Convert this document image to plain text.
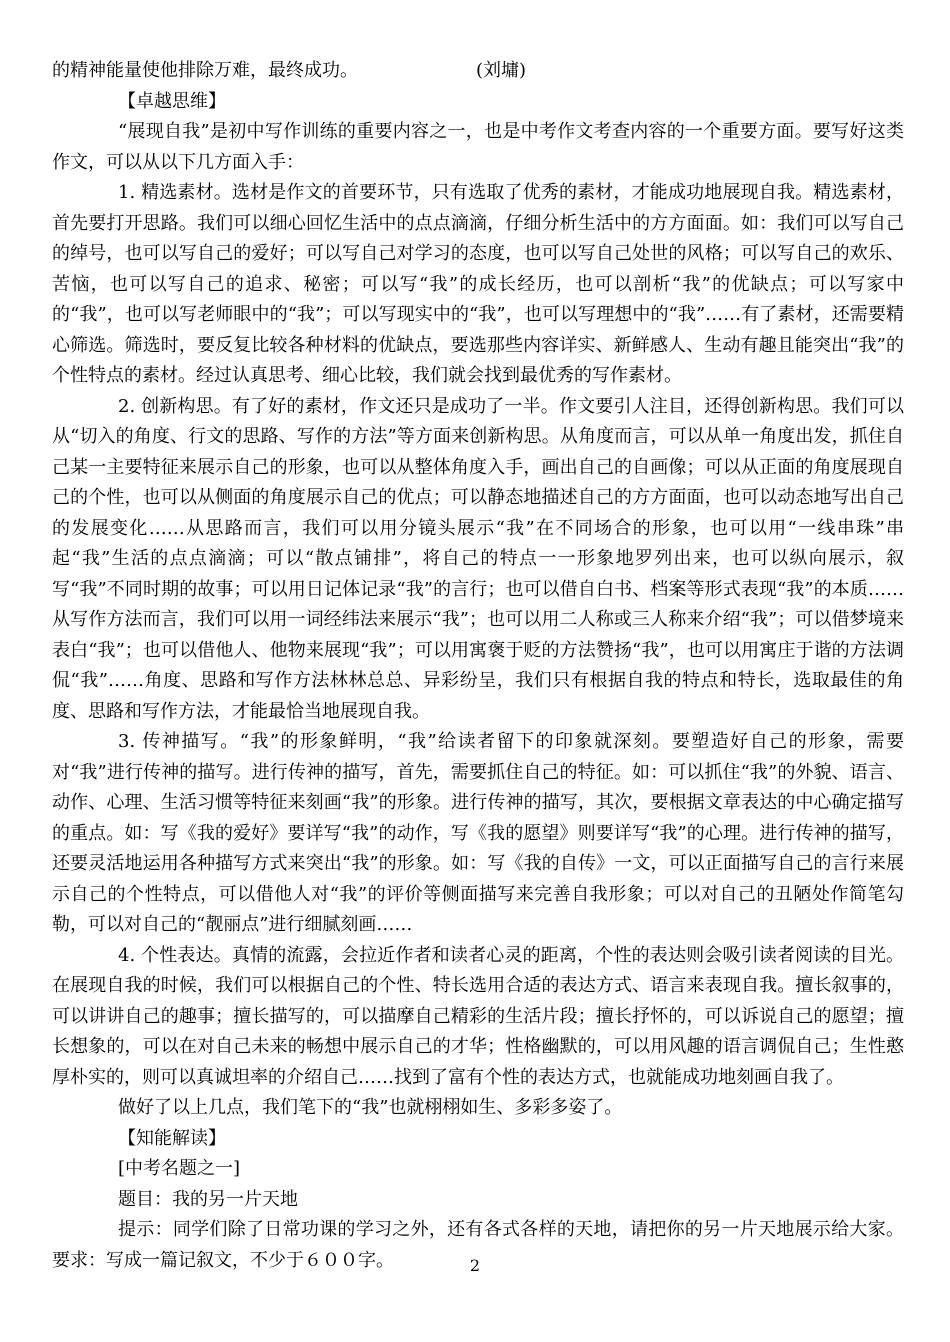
的精神能量使他排除万难，最终成功。	(刘墉)
【卓越思维】

“展现自我”是初中写作训练的重要内容之一，也是中考作文考查内容的一个重要方面。要写好这类作文，可以从以下几方面入手：

1. 精选素材。选材是作文的首要环节，只有选取了优秀的素材，才能成功地展现自我。精选素材，首先要打开思路。我们可以细心回忆生活中的点点滴滴，仔细分析生活中的方方面面。如：我们可以写自己的绰号，也可以写自己的爱好；可以写自己对学习的态度，也可以写自己处世的风格；可以写自己的欢乐、苦恼，也可以写自己的追求、秘密；可以写“我”的成长经历，也可以剖析“我”的优缺点；可以写家中的“我”，也可以写老师眼中的“我”；可以写现实中的“我”，也可以写理想中的“我”……有了素材，还需要精心筛选。筛选时，要反复比较各种材料的优缺点，要选那些内容详实、新鲜感人、生动有趣且能突出“我”的个性特点的素材。经过认真思考、细心比较，我们就会找到最优秀的写作素材。

2. 创新构思。有了好的素材，作文还只是成功了一半。作文要引人注目，还得创新构思。我们可以从“切入的角度、行文的思路、写作的方法”等方面来创新构思。从角度而言，可以从单一角度出发，抓住自己某一主要特征来展示自己的形象，也可以从整体角度入手，画出自己的自画像；可以从正面的角度展现自己的个性，也可以从侧面的角度展示自己的优点；可以静态地描述自己的方方面面，也可以动态地写出自己的发展变化……从思路而言，我们可以用分镜头展示“我”在不同场合的形象，也可以用“一线串珠”串起“我”生活的点点滴滴；可以“散点铺排”，将自己的特点一一形象地罗列出来，也可以纵向展示，叙写“我”不同时期的故事；可以用日记体记录“我”的言行；也可以借自白书、档案等形式表现“我”的本质……从写作方法而言，我们可以用一词经纬法来展示“我”；也可以用二人称或三人称来介绍“我”；可以借梦境来表白“我”；也可以借他人、他物来展现“我”；可以用寓褒于贬的方法赞扬“我”，也可以用寓庄于谐的方法调侃“我”……角度、思路和写作方法林林总总、异彩纷呈，我们只有根据自我的特点和特长，选取最佳的角度、思路和写作方法，才能最恰当地展现自我。

3. 传神描写。“我”的形象鲜明，“我”给读者留下的印象就深刻。要塑造好自己的形象，需要对“我”进行传神的描写。进行传神的描写，首先，需要抓住自己的特征。如：可以抓住“我”的外貌、语言、动作、心理、生活习惯等特征来刻画“我”的形象。进行传神的描写，其次，要根据文章表达的中心确定描写的重点。如：写《我的爱好》要详写“我”的动作，写《我的愿望》则要详写“我”的心理。进行传神的描写，还要灵活地运用各种描写方式来突出“我”的形象。如：写《我的自传》一文，可以正面描写自己的言行来展示自己的个性特点，可以借他人对“我”的评价等侧面描写来完善自我形象；可以对自己的丑陋处作简笔勾勒，可以对自己的“靓丽点”进行细腻刻画……

4. 个性表达。真情的流露，会拉近作者和读者心灵的距离，个性的表达则会吸引读者阅读的目光。在展现自我的时候，我们可以根据自己的个性、特长选用合适的表达方式、语言来表现自我。擅长叙事的，可以讲讲自己的趣事；擅长描写的，可以描摩自己精彩的生活片段；擅长抒怀的，可以诉说自己的愿望；擅长想象的，可以在对自己未来的畅想中展示自己的才华；性格幽默的，可以用风趣的语言调侃自己；生性憨厚朴实的，则可以真诚坦率的介绍自己……找到了富有个性的表达方式，也就能成功地刻画自我了。

做好了以上几点，我们笔下的“我”也就栩栩如生、多彩多姿了。

【知能解读】
[中考名题之一]
题目：我的另一片天地

提示：同学们除了日常功课的学习之外，还有各式各样的天地，请把你的另一片天地展示给大家。要求：写成一篇记叙文，不少于６００字。	2
